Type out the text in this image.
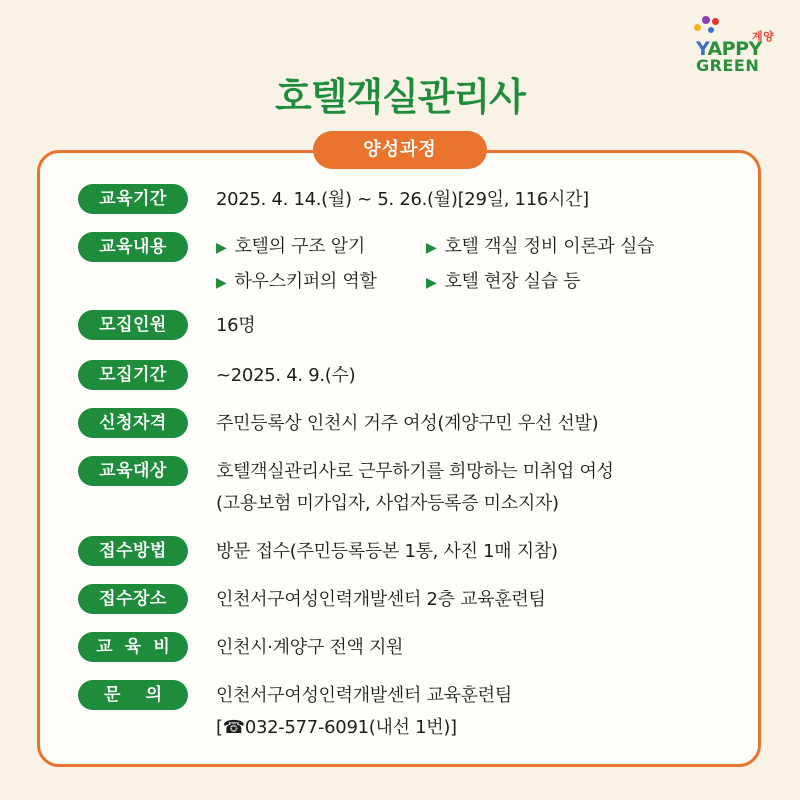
계양
YAPPY
GREEN
호텔객실관리사
양성과정
교육기간	2025. 4. 14.(월) ~ 5. 26.(월)[29일, 116시간]
교육내용	▶ 호텔의 구조 알기	▶ 호텔 객실 정비 이론과 실습
▶ 하우스키퍼의 역할	▶ 호텔 현장 실습 등
모집인원	16명
모집기간	~2025. 4. 9.(수)
신청자격	주민등록상 인천시 거주 여성(계양구민 우선 선발)
교육대상	호텔객실관리사로 근무하기를 희망하는 미취업 여성
(고용보험 미가입자, 사업자등록증 미소지자)
접수방법	방문 접수(주민등록등본 1통, 사진 1매 지참)
접수장소	인천서구여성인력개발센터 2층 교육훈련팀
교 육 비	인천시·계양구 전액 지원
문 의	인천서구여성인력개발센터 교육훈련팀
[☎032-577-6091(내선 1번)]
